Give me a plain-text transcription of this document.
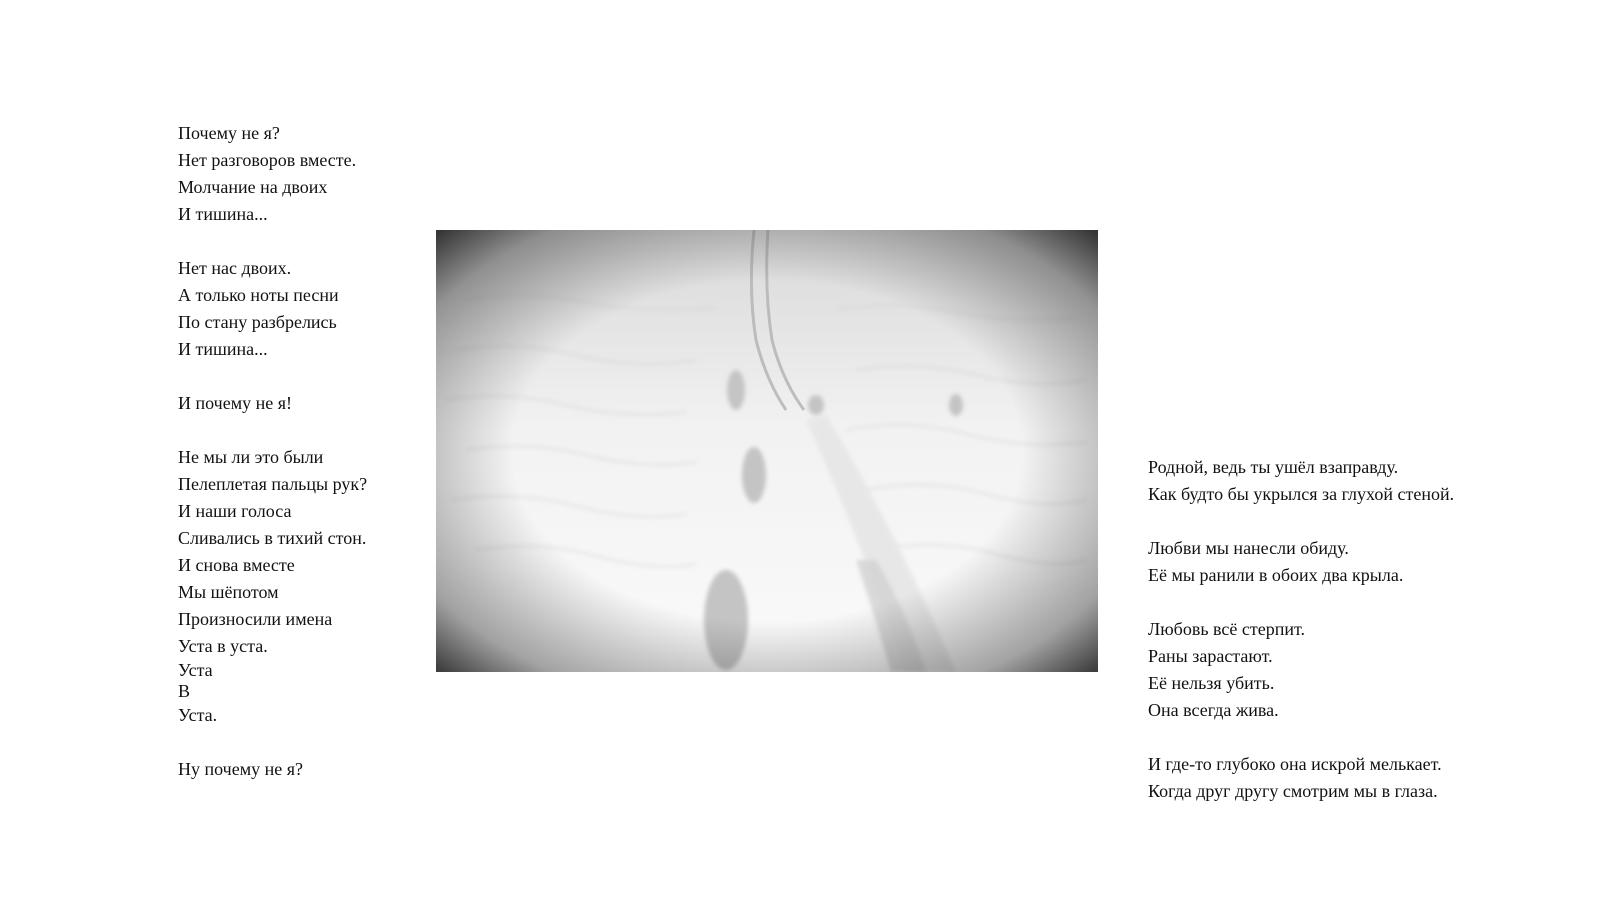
Почему не я?
Нет разговоров вместе.
Молчание на двоих
И тишина...
Нет нас двоих.
А только ноты песни
По стану разбрелись
И тишина...
И почему не я!
Не мы ли это были
Пелеплетая пальцы рук?
И наши голоса
Сливались в тихий стон.
И снова вместе
Мы шёпотом
Произносили имена
Уста в уста.
Уста
В
Уста.
Ну почему не я?
Родной, ведь ты ушёл взаправду.
Как будто бы укрылся за глухой стеной.
Любви мы нанесли обиду.
Её мы ранили в обоих два крыла.
Любовь всё стерпит.
Раны зарастают.
Её нельзя убить.
Она всегда жива.
И где-то глубоко она искрой мелькает.
Когда друг другу смотрим мы в глаза.
